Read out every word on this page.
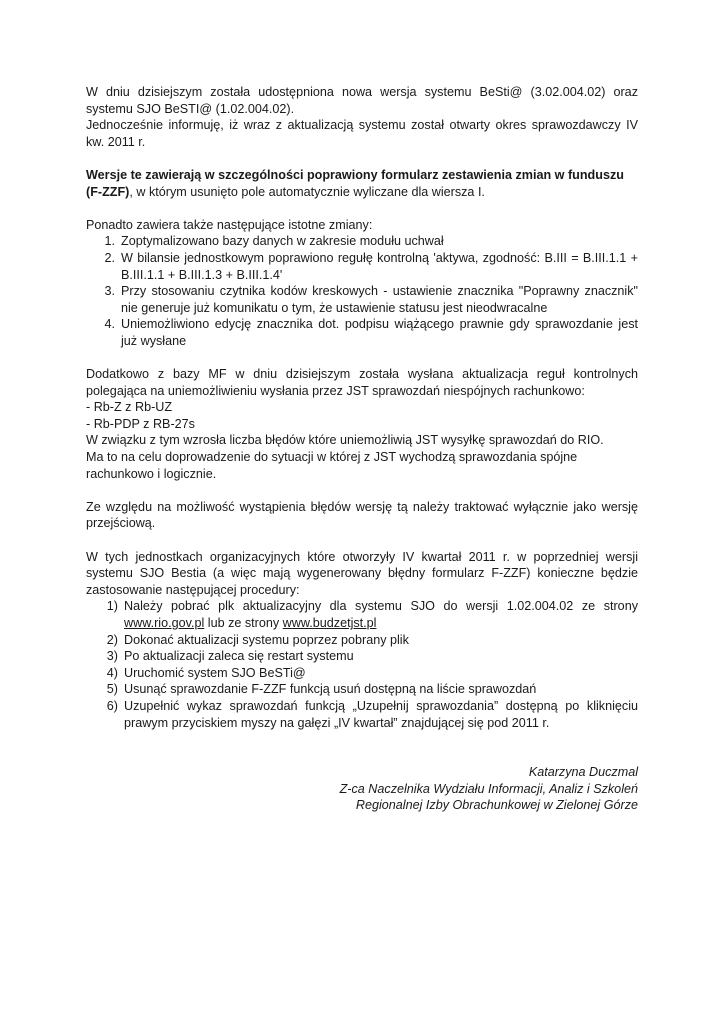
W dniu dzisiejszym została udostępniona nowa wersja systemu BeSti@ (3.02.004.02) oraz systemu SJO BeSTI@ (1.02.004.02).
Jednocześnie informuję, iż wraz z aktualizacją systemu został otwarty okres sprawozdawczy IV kw. 2011 r.

Wersje te zawierają w szczególności poprawiony formularz zestawienia zmian w funduszu (F-ZZF), w którym usunięto pole automatycznie wyliczane dla wiersza I.

Ponadto zawiera także następujące istotne zmiany:

1. Zoptymalizowano bazy danych w zakresie modułu uchwał
2. W bilansie jednostkowym poprawiono regułę kontrolną 'aktywa, zgodność: B.III = B.III.1.1 + B.III.1.1 + B.III.1.3 + B.III.1.4'
3. Przy stosowaniu czytnika kodów kreskowych - ustawienie znacznika "Poprawny znacznik" nie generuje już komunikatu o tym, że ustawienie statusu jest nieodwracalne
4. Uniemożliwiono edycję znacznika dot. podpisu wiążącego prawnie gdy sprawozdanie jest już wysłane

Dodatkowo z bazy MF w dniu dzisiejszym została wysłana aktualizacja reguł kontrolnych polegająca na uniemożliwieniu wysłania przez JST sprawozdań niespójnych rachunkowo:
- Rb-Z z Rb-UZ
- Rb-PDP z RB-27s
W związku z tym wzrosła liczba błędów które uniemożliwią JST wysyłkę sprawozdań do RIO.
Ma to na celu doprowadzenie do sytuacji w której z JST wychodzą sprawozdania spójne rachunkowo i logicznie.

Ze względu na możliwość wystąpienia błędów wersję tą należy traktować wyłącznie jako wersję przejściową.

W tych jednostkach organizacyjnych które otworzyły IV kwartał 2011 r. w poprzedniej wersji systemu SJO Bestia (a więc mają wygenerowany błędny formularz F-ZZF) konieczne będzie zastosowanie następującej procedury:

1) Należy pobrać plk aktualizacyjny dla systemu SJO do wersji 1.02.004.02 ze strony www.rio.gov.pl lub ze strony www.budzetjst.pl
2) Dokonać aktualizacji systemu poprzez pobrany plik
3) Po aktualizacji zaleca się restart systemu
4) Uruchomić system SJO BeSTi@
5) Usunąć sprawozdanie F-ZZF funkcją usuń dostępną na liście sprawozdań
6) Uzupełnić wykaz sprawozdań funkcją „Uzupełnij sprawozdania” dostępną po kliknięciu prawym przyciskiem myszy na gałęzi „IV kwartał” znajdującej się pod 2011 r.
Katarzyna Duczmal
Z-ca Naczelnika Wydziału Informacji, Analiz i Szkoleń
Regionalnej Izby Obrachunkowej w Zielonej Górze
